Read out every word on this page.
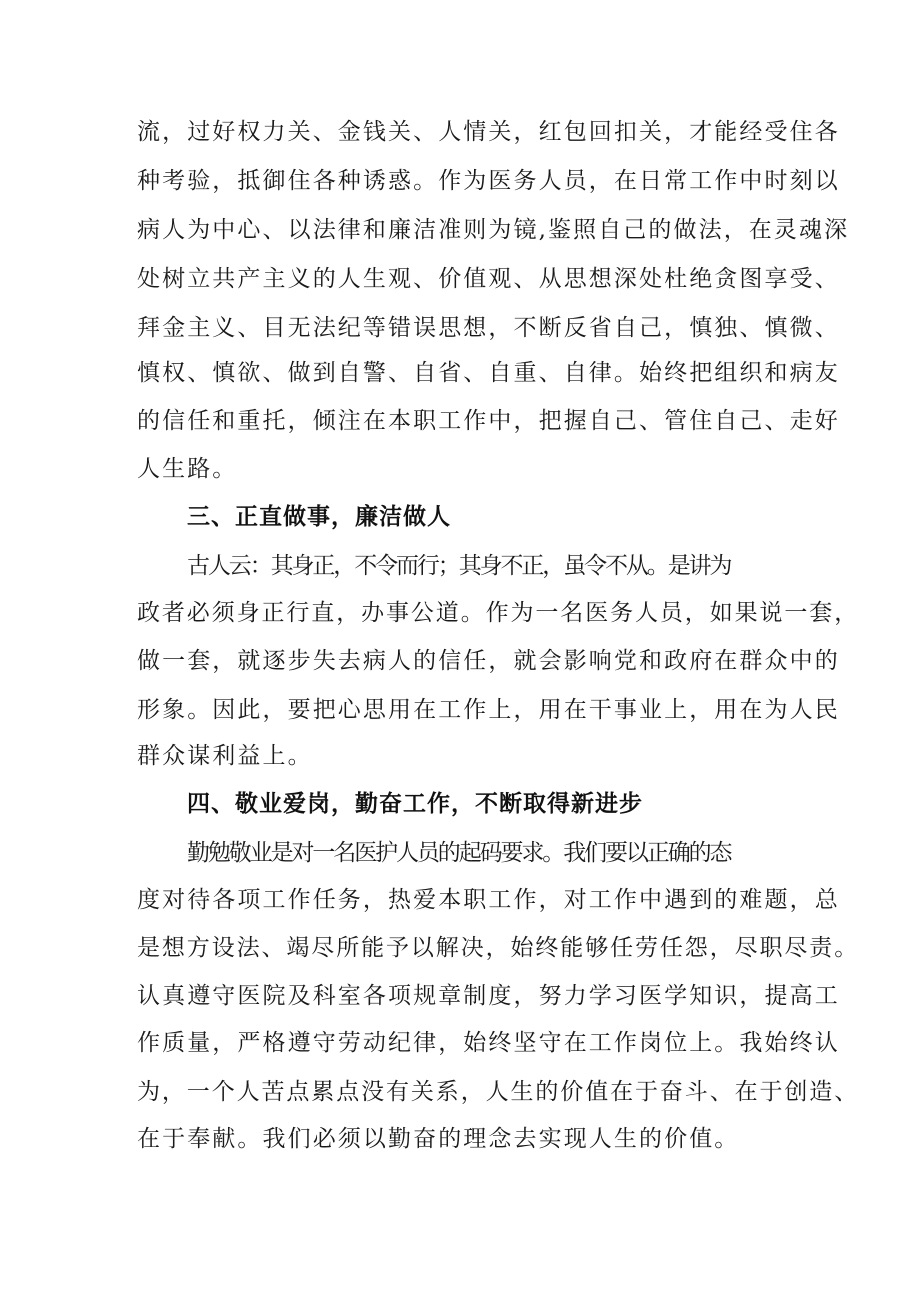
流，过好权力关、金钱关、人情关，红包回扣关，才能经受住各
种考验，抵御住各种诱惑。作为医务人员，在日常工作中时刻以
病人为中心、以法律和廉洁准则为镜,鉴照自己的做法，在灵魂深
处树立共产主义的人生观、价值观、从思想深处杜绝贪图享受、
拜金主义、目无法纪等错误思想，不断反省自己，慎独、慎微、
慎权、慎欲、做到自警、自省、自重、自律。始终把组织和病友
的信任和重托，倾注在本职工作中，把握自己、管住自己、走好
人生路。
三、正直做事，廉洁做人
古人云：其身正，不令而行；其身不正，虽令不从。是讲为
政者必须身正行直，办事公道。作为一名医务人员，如果说一套，
做一套，就逐步失去病人的信任，就会影响党和政府在群众中的
形象。因此，要把心思用在工作上，用在干事业上，用在为人民
群众谋利益上。
四、敬业爱岗，勤奋工作，不断取得新进步
勤勉敬业是对一名医护人员的起码要求。我们要以正确的态
度对待各项工作任务，热爱本职工作，对工作中遇到的难题，总
是想方设法、竭尽所能予以解决，始终能够任劳任怨，尽职尽责。
认真遵守医院及科室各项规章制度，努力学习医学知识，提高工
作质量，严格遵守劳动纪律，始终坚守在工作岗位上。我始终认
为，一个人苦点累点没有关系，人生的价值在于奋斗、在于创造、
在于奉献。我们必须以勤奋的理念去实现人生的价值。
